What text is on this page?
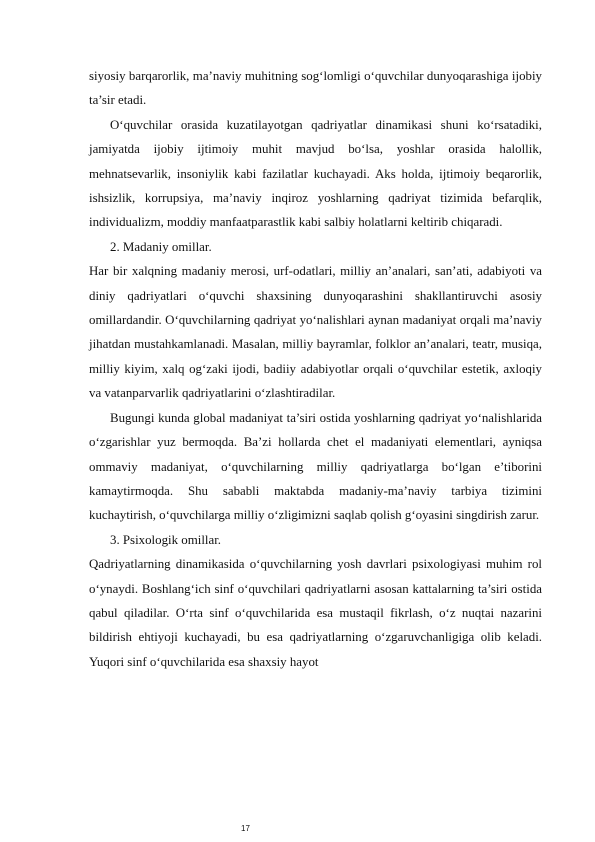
siyosiy barqarorlik, ma’naviy muhitning sog‘lomligi o‘quvchilar dunyoqarashiga ijobiy ta’sir etadi.

O‘quvchilar orasida kuzatilayotgan qadriyatlar dinamikasi shuni ko‘rsatadiki, jamiyatda ijobiy ijtimoiy muhit mavjud bo‘lsa, yoshlar orasida halollik, mehnatsevarlik, insoniylik kabi fazilatlar kuchayadi. Aks holda, ijtimoiy beqarorlik, ishsizlik, korrupsiya, ma’naviy inqiroz yoshlarning qadriyat tizimida befarqlik, individualizm, moddiy manfaatparastlik kabi salbiy holatlarni keltirib chiqaradi.

2. Madaniy omillar.

Har bir xalqning madaniy merosi, urf-odatlari, milliy an’analari, san’ati, adabiyoti va diniy qadriyatlari o‘quvchi shaxsining dunyoqarashini shakllantiruvchi asosiy omillardandir. O‘quvchilarning qadriyat yo‘nalishlari aynan madaniyat orqali ma’naviy jihatdan mustahkamlanadi. Masalan, milliy bayramlar, folklor an’analari, teatr, musiqa, milliy kiyim, xalq og‘zaki ijodi, badiiy adabiyotlar orqali o‘quvchilar estetik, axloqiy va vatanparvarlik qadriyatlarini o‘zlashtiradilar.

Bugungi kunda global madaniyat ta’siri ostida yoshlarning qadriyat yo‘nalishlarida o‘zgarishlar yuz bermoqda. Ba’zi hollarda chet el madaniyati elementlari, ayniqsa ommaviy madaniyat, o‘quvchilarning milliy qadriyatlarga bo‘lgan e’tiborini kamaytirmoqda. Shu sababli maktabda madaniy-ma’naviy tarbiya tizimini kuchaytirish, o‘quvchilarga milliy o‘zligimizni saqlab qolish g‘oyasini singdirish zarur.

3. Psixologik omillar.

Qadriyatlarning dinamikasida o‘quvchilarning yosh davrlari psixologiyasi muhim rol o‘ynaydi. Boshlang‘ich sinf o‘quvchilari qadriyatlarni asosan kattalarning ta’siri ostida qabul qiladilar. O‘rta sinf o‘quvchilarida esa mustaqil fikrlash, o‘z nuqtai nazarini bildirish ehtiyoji kuchayadi, bu esa qadriyatlarning o‘zgaruvchanligiga olib keladi. Yuqori sinf o‘quvchilarida esa shaxsiy hayot

17
